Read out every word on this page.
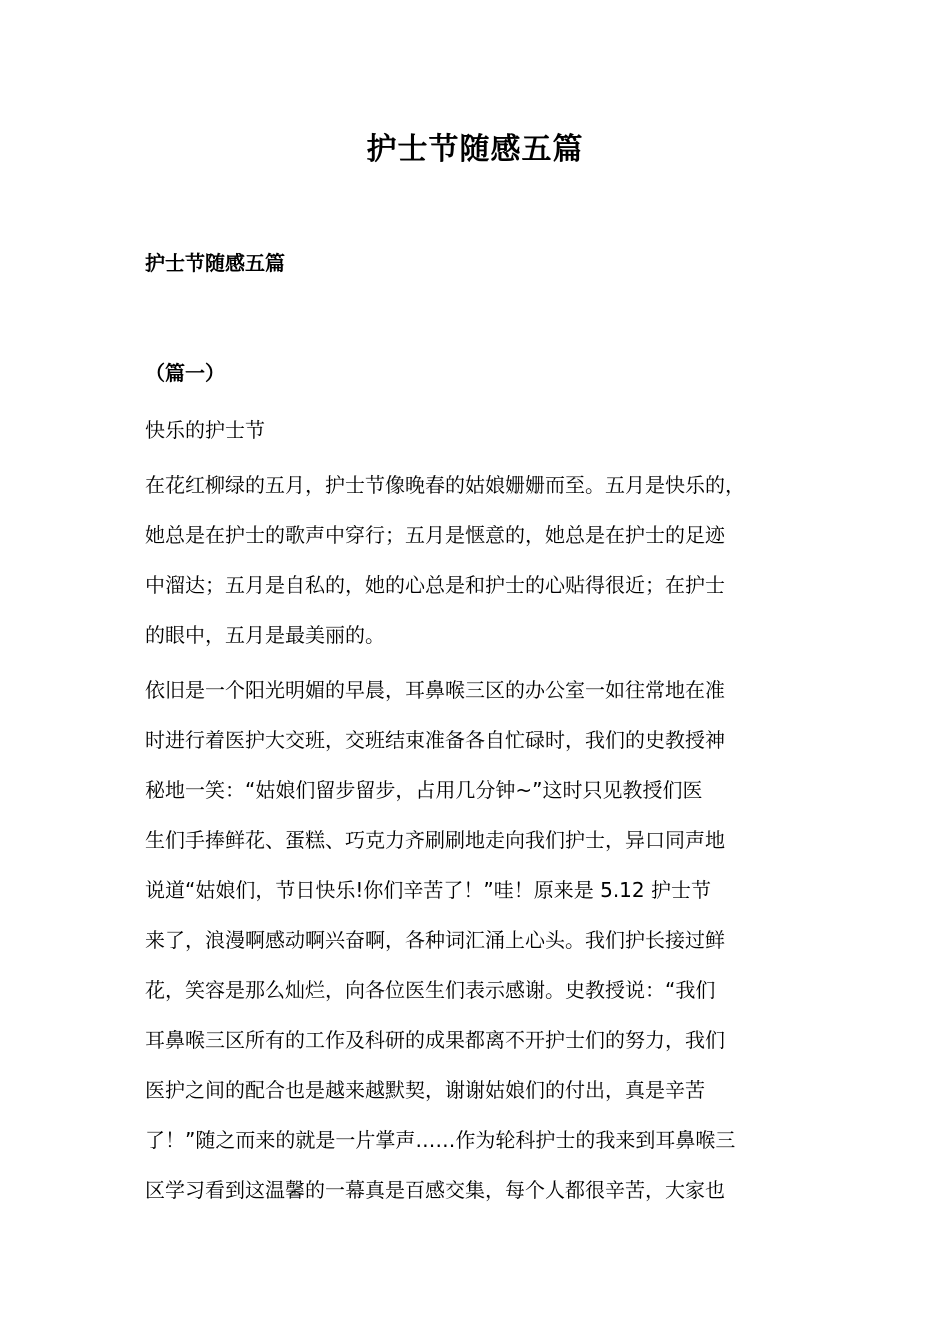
护士节随感五篇
护士节随感五篇
（篇一）
快乐的护士节
在花红柳绿的五月，护士节像晚春的姑娘姗姗而至。五月是快乐的，
她总是在护士的歌声中穿行；五月是惬意的，她总是在护士的足迹
中溜达；五月是自私的，她的心总是和护士的心贴得很近；在护士
的眼中，五月是最美丽的。
依旧是一个阳光明媚的早晨，耳鼻喉三区的办公室一如往常地在准
时进行着医护大交班，交班结束准备各自忙碌时，我们的史教授神
秘地一笑：“姑娘们留步留步，占用几分钟~”这时只见教授们医
生们手捧鲜花、蛋糕、巧克力齐刷刷地走向我们护士，异口同声地
说道“姑娘们，节日快乐!你们辛苦了！”哇！原来是 5.12 护士节
来了，浪漫啊感动啊兴奋啊，各种词汇涌上心头。我们护长接过鲜
花，笑容是那么灿烂，向各位医生们表示感谢。史教授说：“我们
耳鼻喉三区所有的工作及科研的成果都离不开护士们的努力，我们
医护之间的配合也是越来越默契，谢谢姑娘们的付出，真是辛苦
了！”随之而来的就是一片掌声……作为轮科护士的我来到耳鼻喉三
区学习看到这温馨的一幕真是百感交集，每个人都很辛苦，大家也
